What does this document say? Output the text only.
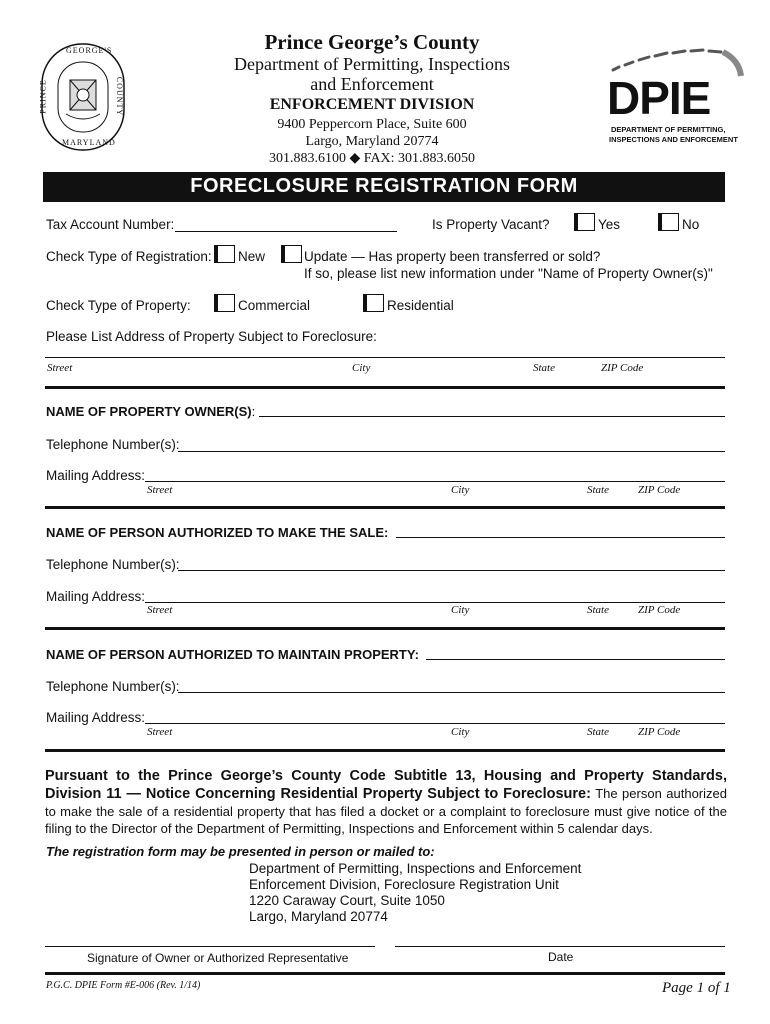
GEORGE'S
MARYLAND
PRINCE	COUNTY
Prince George’s County
Department of Permitting, Inspections
and Enforcement
ENFORCEMENT DIVISION
9400 Peppercorn Place, Suite 600
Largo, Maryland 20774
301.883.6100 ◆ FAX: 301.883.6050
DPIE
DEPARTMENT OF PERMITTING,
INSPECTIONS AND ENFORCEMENT
FORECLOSURE REGISTRATION FORM
Tax Account Number:	Is Property Vacant?	Yes	No
Check Type of Registration: New	Update — Has property been transferred or sold?
If so, please list new information under "Name of Property Owner(s)"
Check Type of Property:	Commercial	Residential
Please List Address of Property Subject to Foreclosure:
Street	City	State	ZIP Code
NAME OF PROPERTY OWNER(S):
Telephone Number(s):
Mailing Address:
Street	City	State	ZIP Code
NAME OF PERSON AUTHORIZED TO MAKE THE SALE:
Telephone Number(s):
Mailing Address:
Street	City	State	ZIP Code
NAME OF PERSON AUTHORIZED TO MAINTAIN PROPERTY:
Telephone Number(s):
Mailing Address:
Street	City	State	ZIP Code
Pursuant to the Prince George’s County Code Subtitle 13, Housing and Property Standards, Division 11 — Notice Concerning Residential Property Subject to Foreclosure: The person authorized to make the sale of a residential property that has filed a docket or a complaint to foreclosure must give notice of the filing to the Director of the Department of Permitting, Inspections and Enforcement within 5 calendar days.
The registration form may be presented in person or mailed to:
Department of Permitting, Inspections and Enforcement
Enforcement Division, Foreclosure Registration Unit
1220 Caraway Court, Suite 1050
Largo, Maryland 20774
Signature of Owner or Authorized Representative	Date
P.G.C. DPIE Form #E-006 (Rev. 1/14)	Page 1 of 1
